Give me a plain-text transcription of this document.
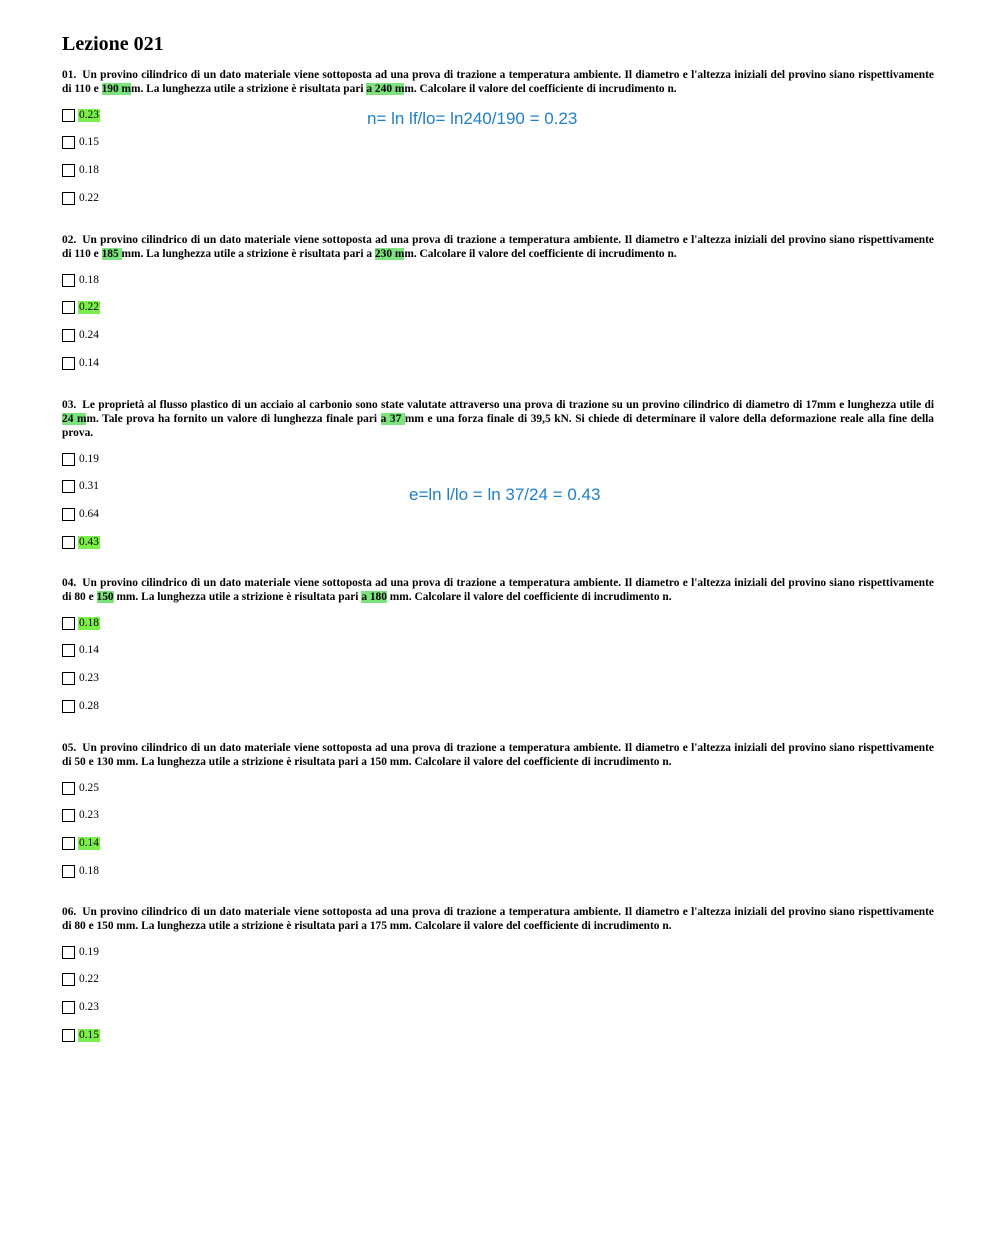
Lezione 021
01. Un provino cilindrico di un dato materiale viene sottoposta ad una prova di trazione a temperatura ambiente. Il diametro e l'altezza iniziali del provino siano rispettivamente di 110 e 190 mm. La lunghezza utile a strizione è risultata pari a 240 mm. Calcolare il valore del coefficiente di incrudimento n.
0.23
0.15
0.18
0.22
02. Un provino cilindrico di un dato materiale viene sottoposta ad una prova di trazione a temperatura ambiente. Il diametro e l'altezza iniziali del provino siano rispettivamente di 110 e 185 mm. La lunghezza utile a strizione è risultata pari a 230 mm. Calcolare il valore del coefficiente di incrudimento n.
0.18
0.22
0.24
0.14
03. Le proprietà al flusso plastico di un acciaio al carbonio sono state valutate attraverso una prova di trazione su un provino cilindrico di diametro di 17mm e lunghezza utile di 24 mm. Tale prova ha fornito un valore di lunghezza finale pari a 37 mm e una forza finale di 39,5 kN. Si chiede di determinare il valore della deformazione reale alla fine della prova.
0.19
0.31
0.64
0.43
04. Un provino cilindrico di un dato materiale viene sottoposta ad una prova di trazione a temperatura ambiente. Il diametro e l'altezza iniziali del provino siano rispettivamente di 80 e 150 mm. La lunghezza utile a strizione è risultata pari a 180 mm. Calcolare il valore del coefficiente di incrudimento n.
0.18
0.14
0.23
0.28
05. Un provino cilindrico di un dato materiale viene sottoposta ad una prova di trazione a temperatura ambiente. Il diametro e l'altezza iniziali del provino siano rispettivamente di 50 e 130 mm. La lunghezza utile a strizione è risultata pari a 150 mm. Calcolare il valore del coefficiente di incrudimento n.
0.25
0.23
0.14
0.18
06. Un provino cilindrico di un dato materiale viene sottoposta ad una prova di trazione a temperatura ambiente. Il diametro e l'altezza iniziali del provino siano rispettivamente di 80 e 150 mm. La lunghezza utile a strizione è risultata pari a 175 mm. Calcolare il valore del coefficiente di incrudimento n.
0.19
0.22
0.23
0.15
n= ln lf/lo= ln240/190 = 0.23
e=ln l/lo = ln 37/24 = 0.43
